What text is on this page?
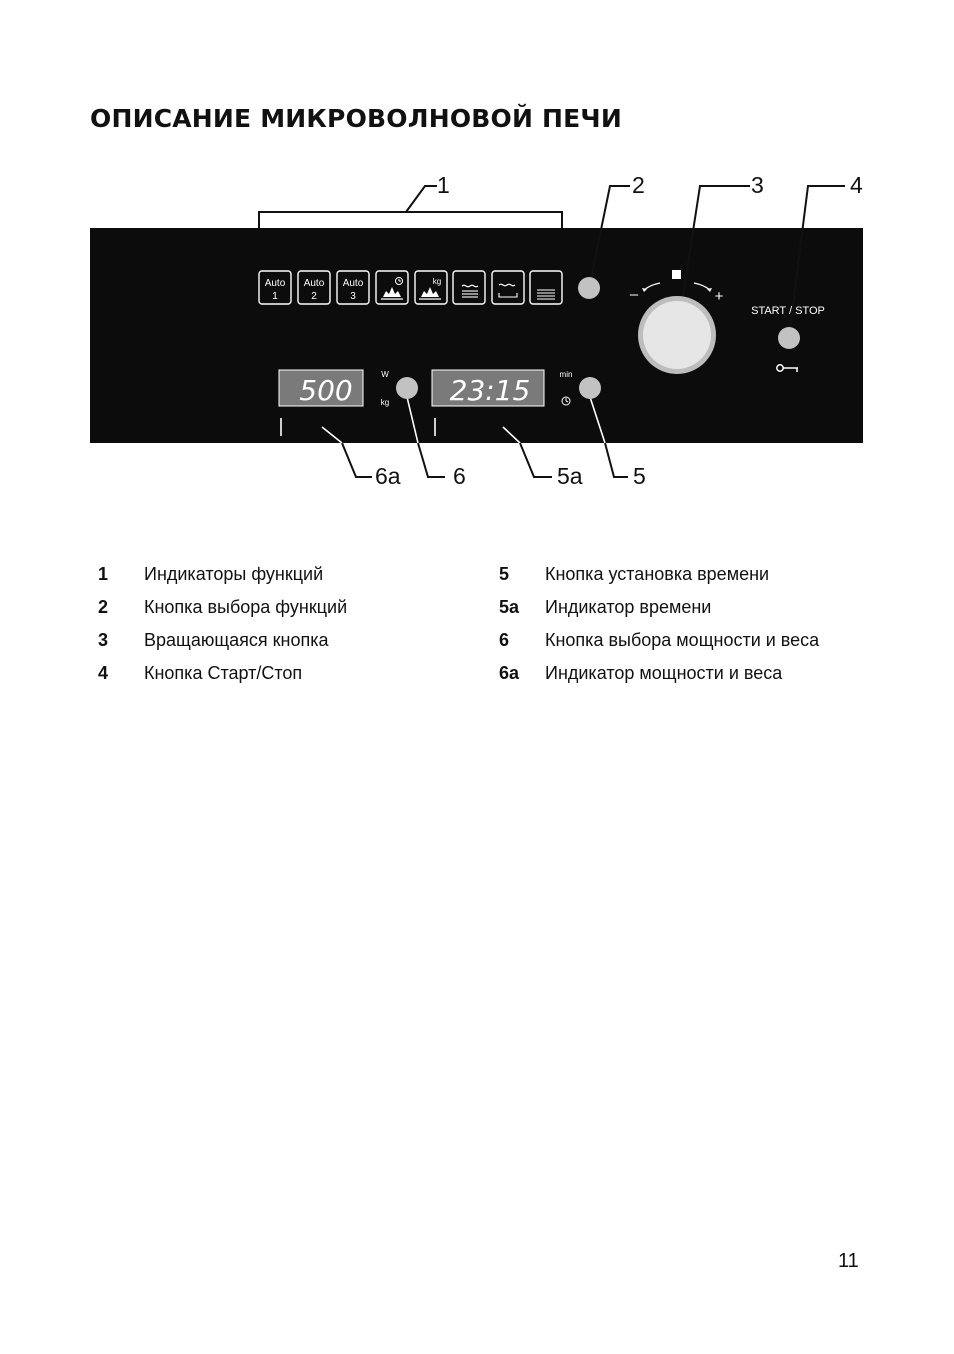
ОПИСАНИЕ МИКРОВОЛНОВОЙ ПЕЧИ
1	2	3	4
6a 6	5a 5
Auto
1
Auto
2
Auto
3
kg
–	+
START / STOP
500	W
kg 23:15	min
1	Индикаторы функций
2	Кнопка выбора функций
3	Вращающаяся кнопка
4	Кнопка Старт/Стоп
5	Кнопка установка времени
5a	Индикатор времени
6	Кнопка выбора мощности и веса
6a	Индикатор мощности и веса
11
